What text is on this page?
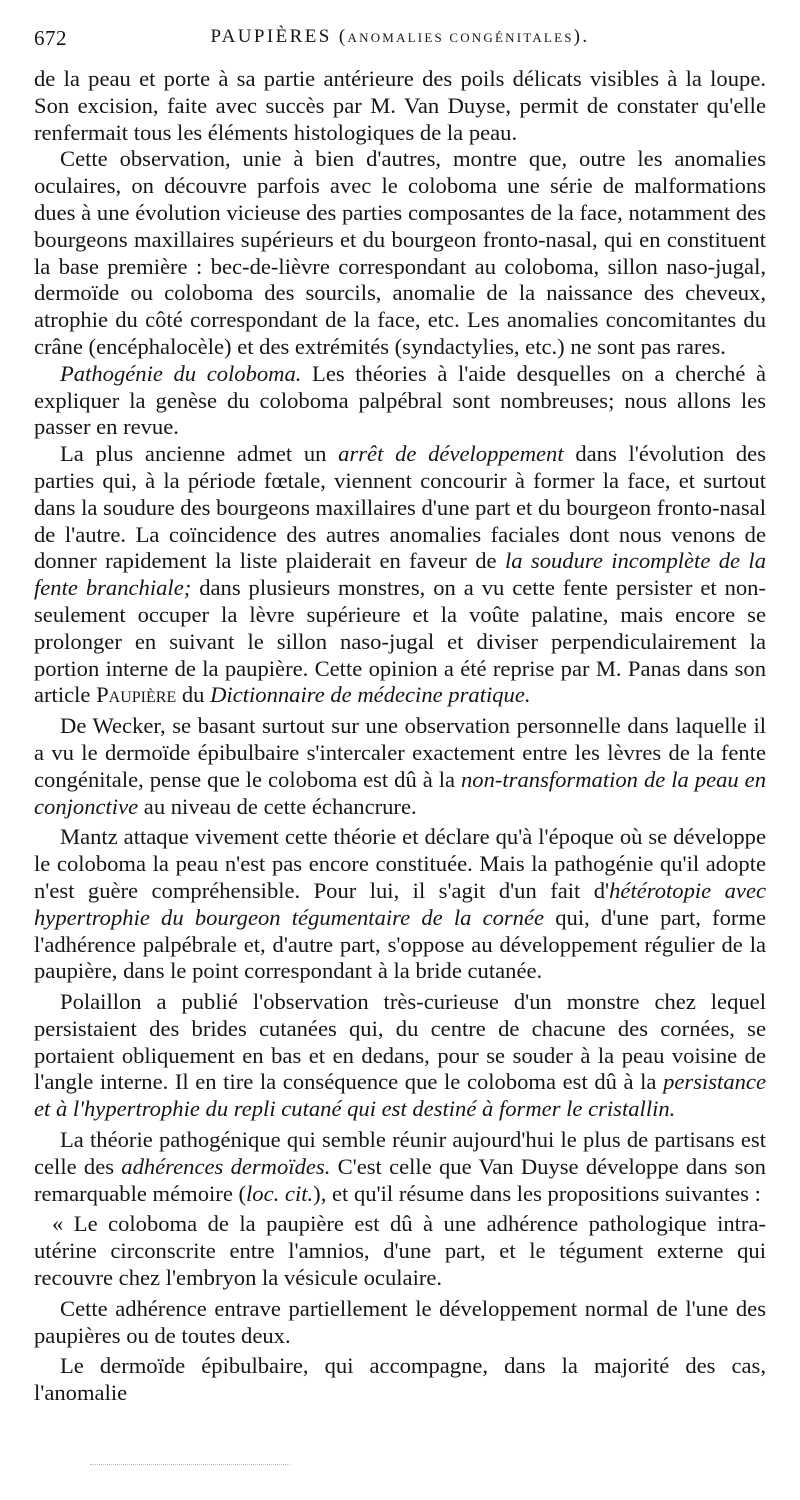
672	PAUPIÈRES (ANOMALIES CONGÉNITALES).

de la peau et porte à sa partie antérieure des poils délicats visibles à la loupe. Son excision, faite avec succès par M. Van Duyse, permit de constater qu'elle renfermait tous les éléments histologiques de la peau.

Cette observation, unie à bien d'autres, montre que, outre les anomalies oculaires, on découvre parfois avec le coloboma une série de malformations dues à une évolution vicieuse des parties composantes de la face, notamment des bourgeons maxillaires supérieurs et du bourgeon fronto-nasal, qui en constituent la base première : bec-de-lièvre correspondant au coloboma, sillon naso-jugal, dermoïde ou coloboma des sourcils, anomalie de la naissance des cheveux, atrophie du côté correspondant de la face, etc. Les anomalies concomitantes du crâne (encéphalocèle) et des extrémités (syndactylies, etc.) ne sont pas rares.

Pathogénie du coloboma. Les théories à l'aide desquelles on a cherché à expliquer la genèse du coloboma palpébral sont nombreuses; nous allons les passer en revue.

La plus ancienne admet un arrêt de développement dans l'évolution des parties qui, à la période fœtale, viennent concourir à former la face, et surtout dans la soudure des bourgeons maxillaires d'une part et du bourgeon fronto-nasal de l'autre. La coïncidence des autres anomalies faciales dont nous venons de donner rapidement la liste plaiderait en faveur de la soudure incomplète de la fente branchiale; dans plusieurs monstres, on a vu cette fente persister et non-seulement occuper la lèvre supérieure et la voûte palatine, mais encore se prolonger en suivant le sillon naso-jugal et diviser perpendiculairement la portion interne de la paupière. Cette opinion a été reprise par M. Panas dans son article Paupière du Dictionnaire de médecine pratique.

De Wecker, se basant surtout sur une observation personnelle dans laquelle il a vu le dermoïde épibulbaire s'intercaler exactement entre les lèvres de la fente congénitale, pense que le coloboma est dû à la non-transformation de la peau en conjonctive au niveau de cette échancrure.

Mantz attaque vivement cette théorie et déclare qu'à l'époque où se développe le coloboma la peau n'est pas encore constituée. Mais la pathogénie qu'il adopte n'est guère compréhensible. Pour lui, il s'agit d'un fait d'hétérotopie avec hypertrophie du bourgeon tégumentaire de la cornée qui, d'une part, forme l'adhérence palpébrale et, d'autre part, s'oppose au développement régulier de la paupière, dans le point correspondant à la bride cutanée.

Polaillon a publié l'observation très-curieuse d'un monstre chez lequel persistaient des brides cutanées qui, du centre de chacune des cornées, se portaient obliquement en bas et en dedans, pour se souder à la peau voisine de l'angle interne. Il en tire la conséquence que le coloboma est dû à la persistance et à l'hypertrophie du repli cutané qui est destiné à former le cristallin.

La théorie pathogénique qui semble réunir aujourd'hui le plus de partisans est celle des adhérences dermoïdes. C'est celle que Van Duyse développe dans son remarquable mémoire (loc. cit.), et qu'il résume dans les propositions suivantes :

« Le coloboma de la paupière est dû à une adhérence pathologique intra-utérine circonscrite entre l'amnios, d'une part, et le tégument externe qui recouvre chez l'embryon la vésicule oculaire.

Cette adhérence entrave partiellement le développement normal de l'une des paupières ou de toutes deux.

Le dermoïde épibulbaire, qui accompagne, dans la majorité des cas, l'anomalie
